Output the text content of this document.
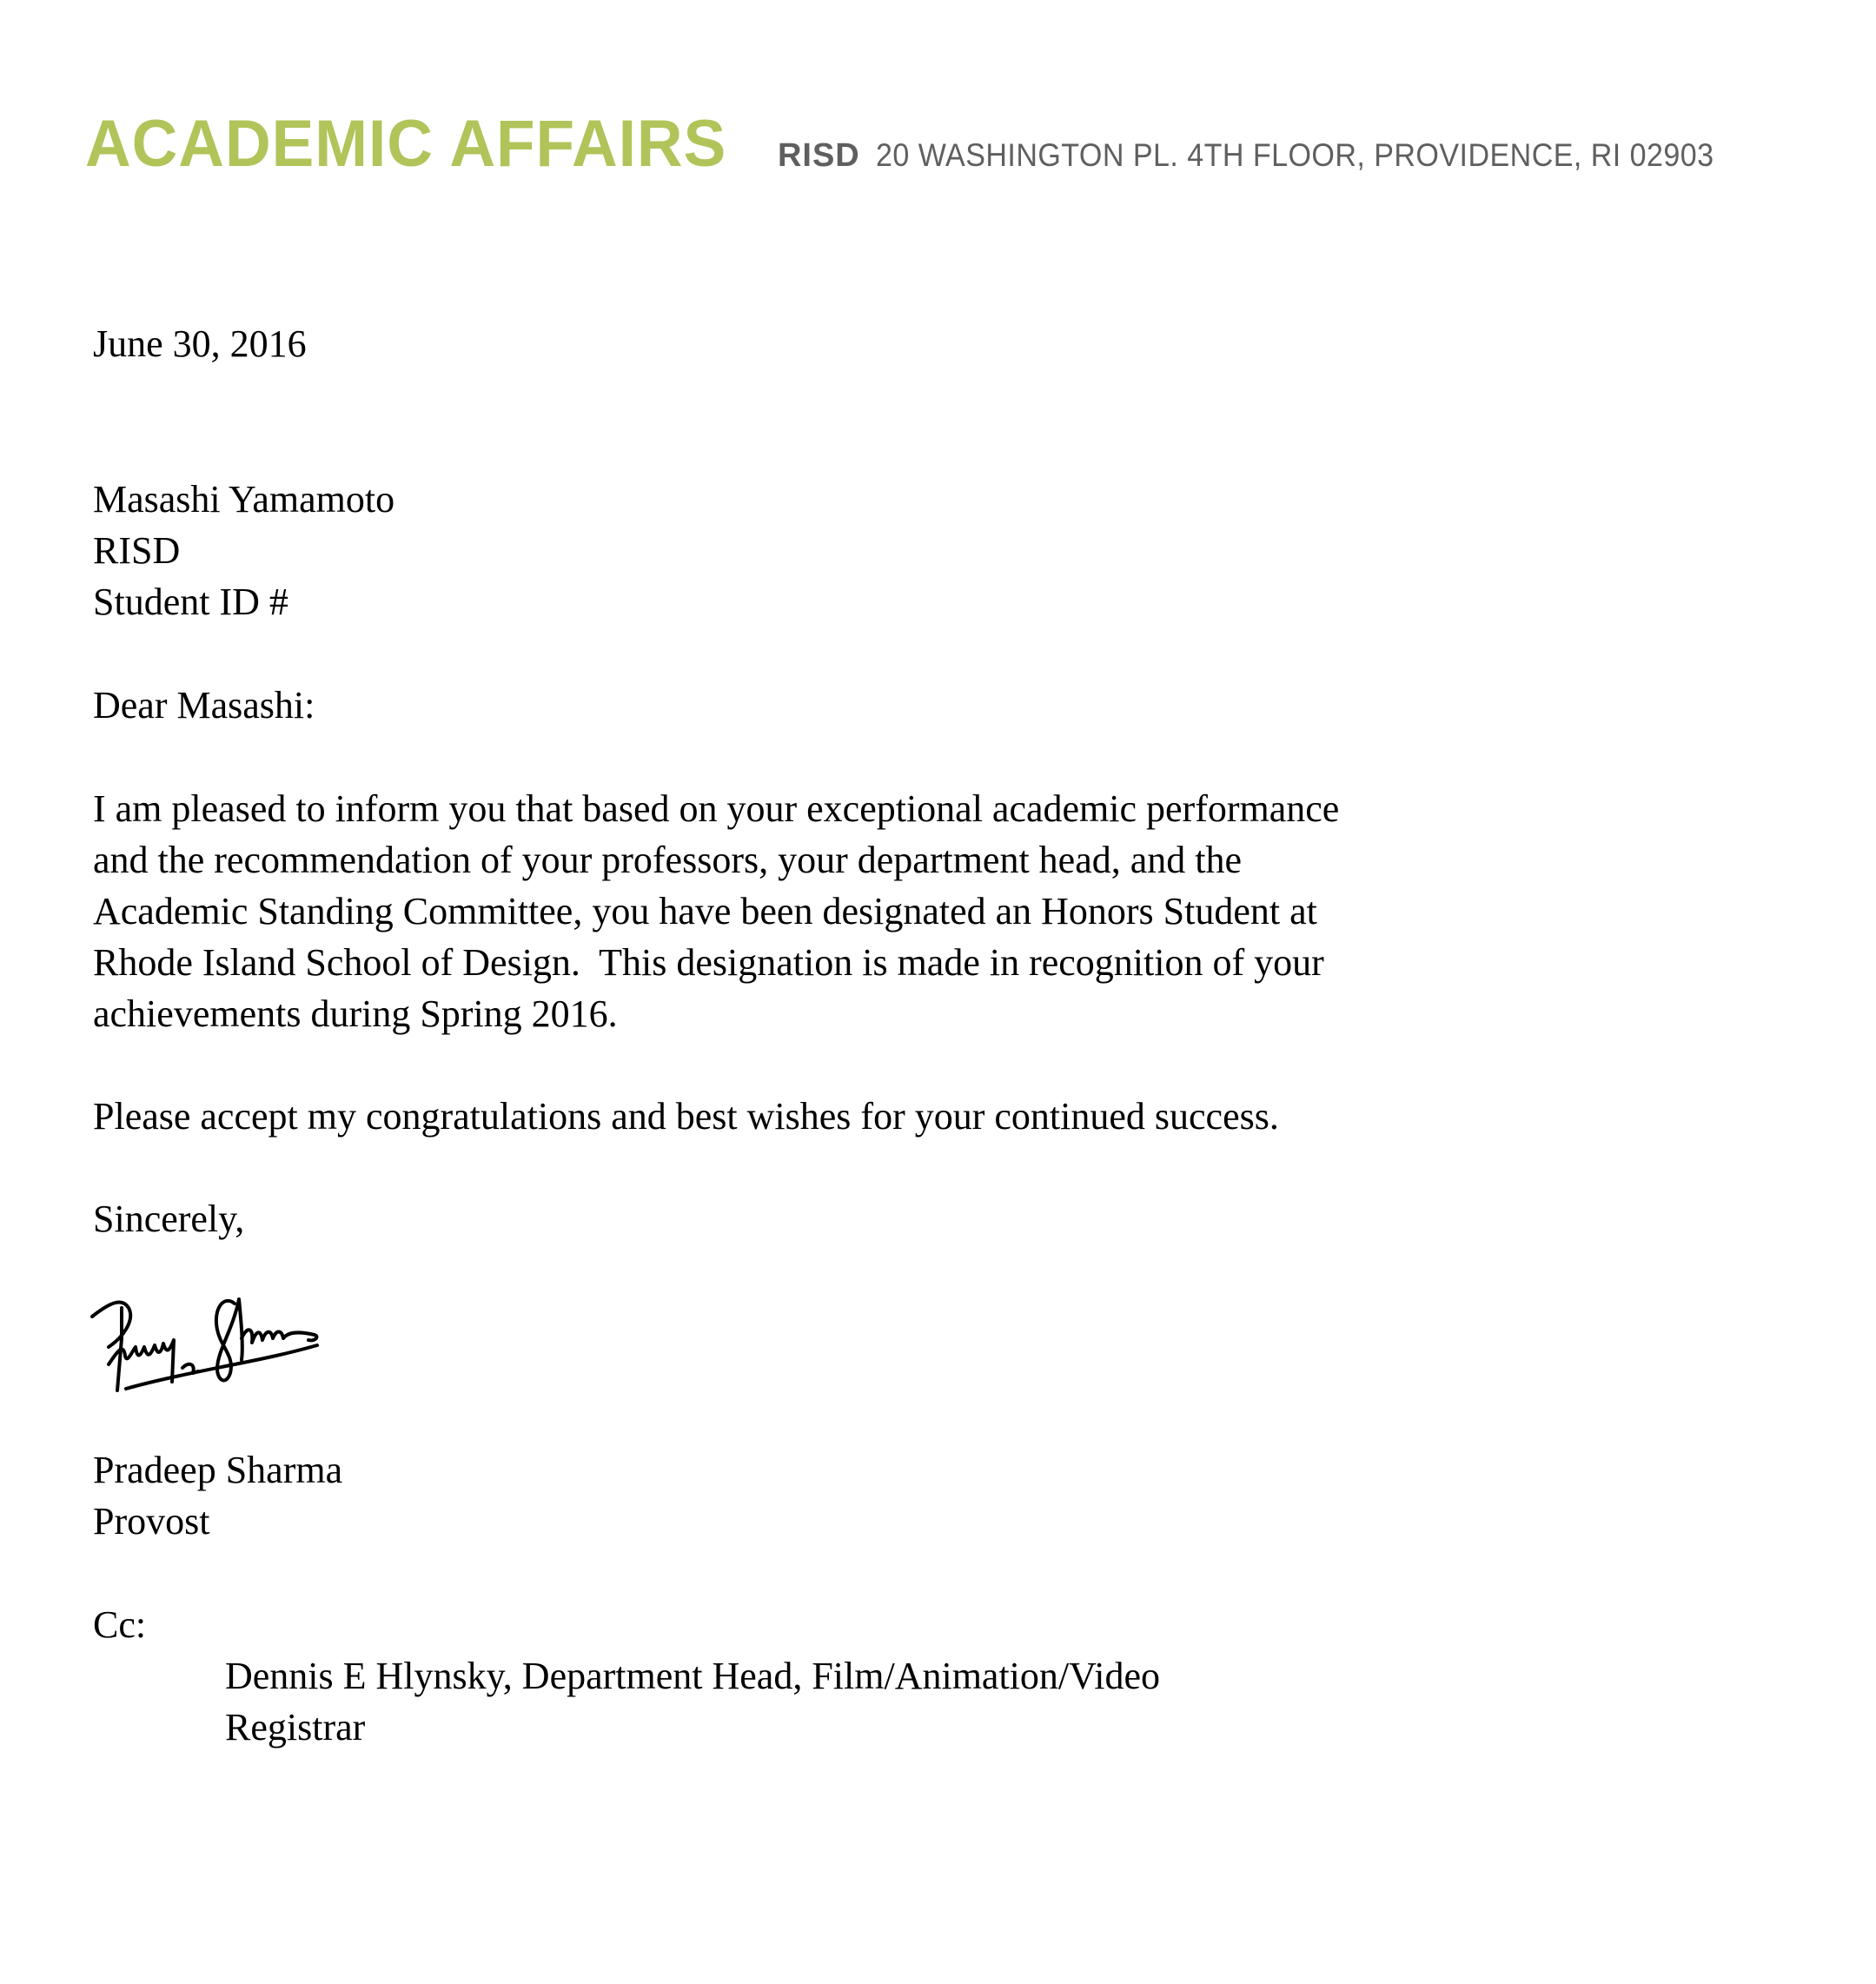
ACADEMIC AFFAIRS RISD 20 WASHINGTON PL. 4TH FLOOR, PROVIDENCE, RI 02903
June 30, 2016
Masashi Yamamoto
RISD
Student ID #
Dear Masashi:
I am pleased to inform you that based on your exceptional academic performance
and the recommendation of your professors, your department head, and the
Academic Standing Committee, you have been designated an Honors Student at
Rhode Island School of Design.  This designation is made in recognition of your
achievements during Spring 2016.
Please accept my congratulations and best wishes for your continued success.
Sincerely,
Pradeep Sharma
Provost
Cc:
Dennis E Hlynsky, Department Head, Film/Animation/Video
Registrar
